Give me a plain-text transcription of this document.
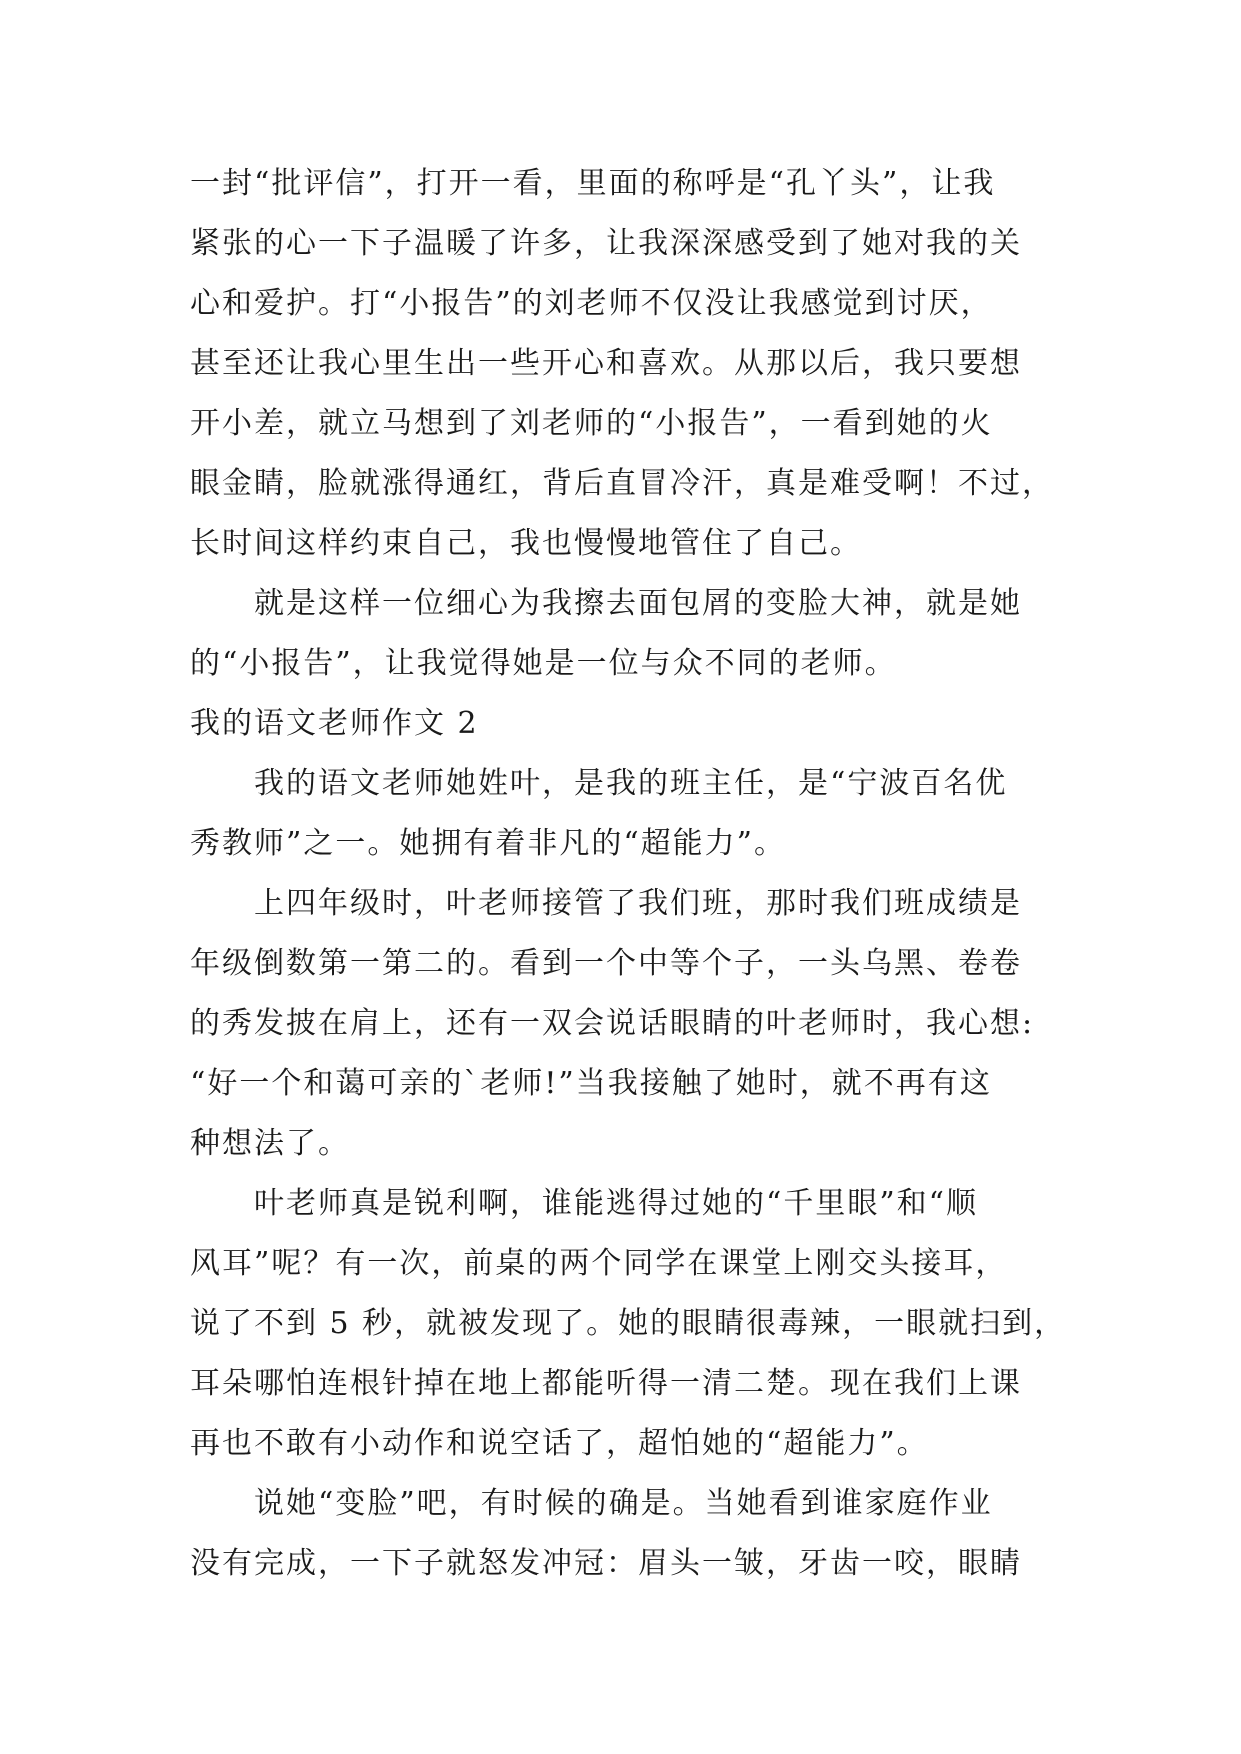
一封“批评信”，打开一看，里面的称呼是“孔丫头”，让我
紧张的心一下子温暖了许多，让我深深感受到了她对我的关
心和爱护。打“小报告”的刘老师不仅没让我感觉到讨厌，
甚至还让我心里生出一些开心和喜欢。从那以后，我只要想
开小差，就立马想到了刘老师的“小报告”，一看到她的火
眼金睛，脸就涨得通红，背后直冒冷汗，真是难受啊！不过，
长时间这样约束自己，我也慢慢地管住了自己。
就是这样一位细心为我擦去面包屑的变脸大神，就是她
的“小报告”，让我觉得她是一位与众不同的老师。
我的语文老师作文 2
我的语文老师她姓叶，是我的班主任，是“宁波百名优
秀教师”之一。她拥有着非凡的“超能力”。
上四年级时，叶老师接管了我们班，那时我们班成绩是
年级倒数第一第二的。看到一个中等个子，一头乌黑、卷卷
的秀发披在肩上，还有一双会说话眼睛的叶老师时，我心想:
“好一个和蔼可亲的`老师!”当我接触了她时，就不再有这
种想法了。
叶老师真是锐利啊，谁能逃得过她的“千里眼”和“顺
风耳”呢？有一次，前桌的两个同学在课堂上刚交头接耳，
说了不到 5 秒，就被发现了。她的眼睛很毒辣，一眼就扫到，
耳朵哪怕连根针掉在地上都能听得一清二楚。现在我们上课
再也不敢有小动作和说空话了，超怕她的“超能力”。
说她“变脸”吧，有时候的确是。当她看到谁家庭作业
没有完成，一下子就怒发冲冠：眉头一皱，牙齿一咬，眼睛
